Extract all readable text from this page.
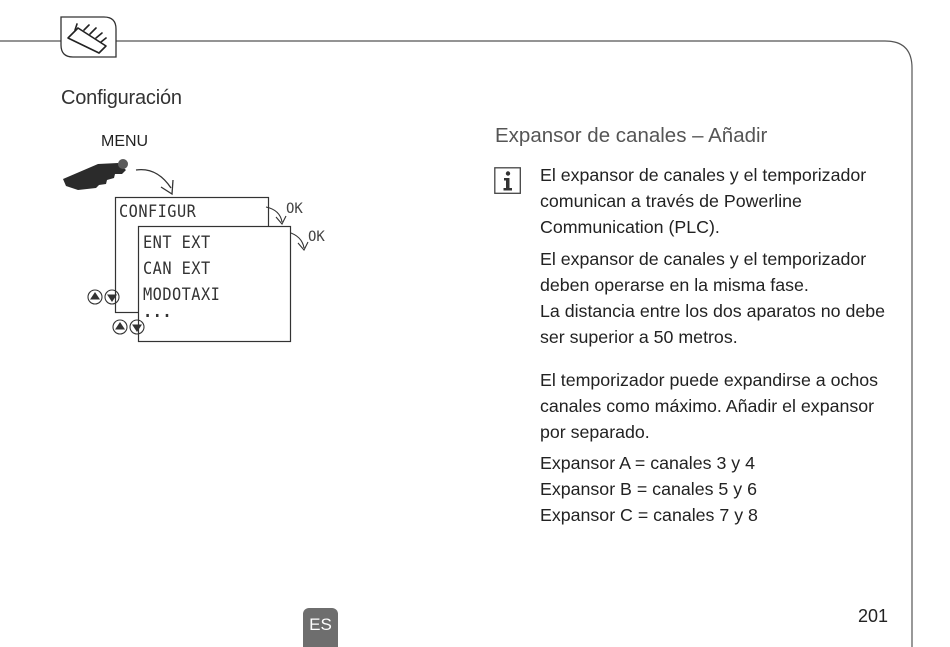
Configuración
MENU
CONFIGUR
ENT EXT
CAN EXT
MODOTAXI
...
OK
OK
Expansor de canales – Añadir

El expansor de canales y el temporizador comunican a través de Powerline Communication (PLC).

El expansor de canales y el temporizador deben operarse en la misma fase.

La distancia entre los dos aparatos no debe ser superior a 50 metros.

El temporizador puede expandirse a ochos canales como máximo. Añadir el expansor por separado.

Expansor A = canales 3 y 4

Expansor B = canales 5 y 6

Expansor C = canales 7 y 8

ES	201
